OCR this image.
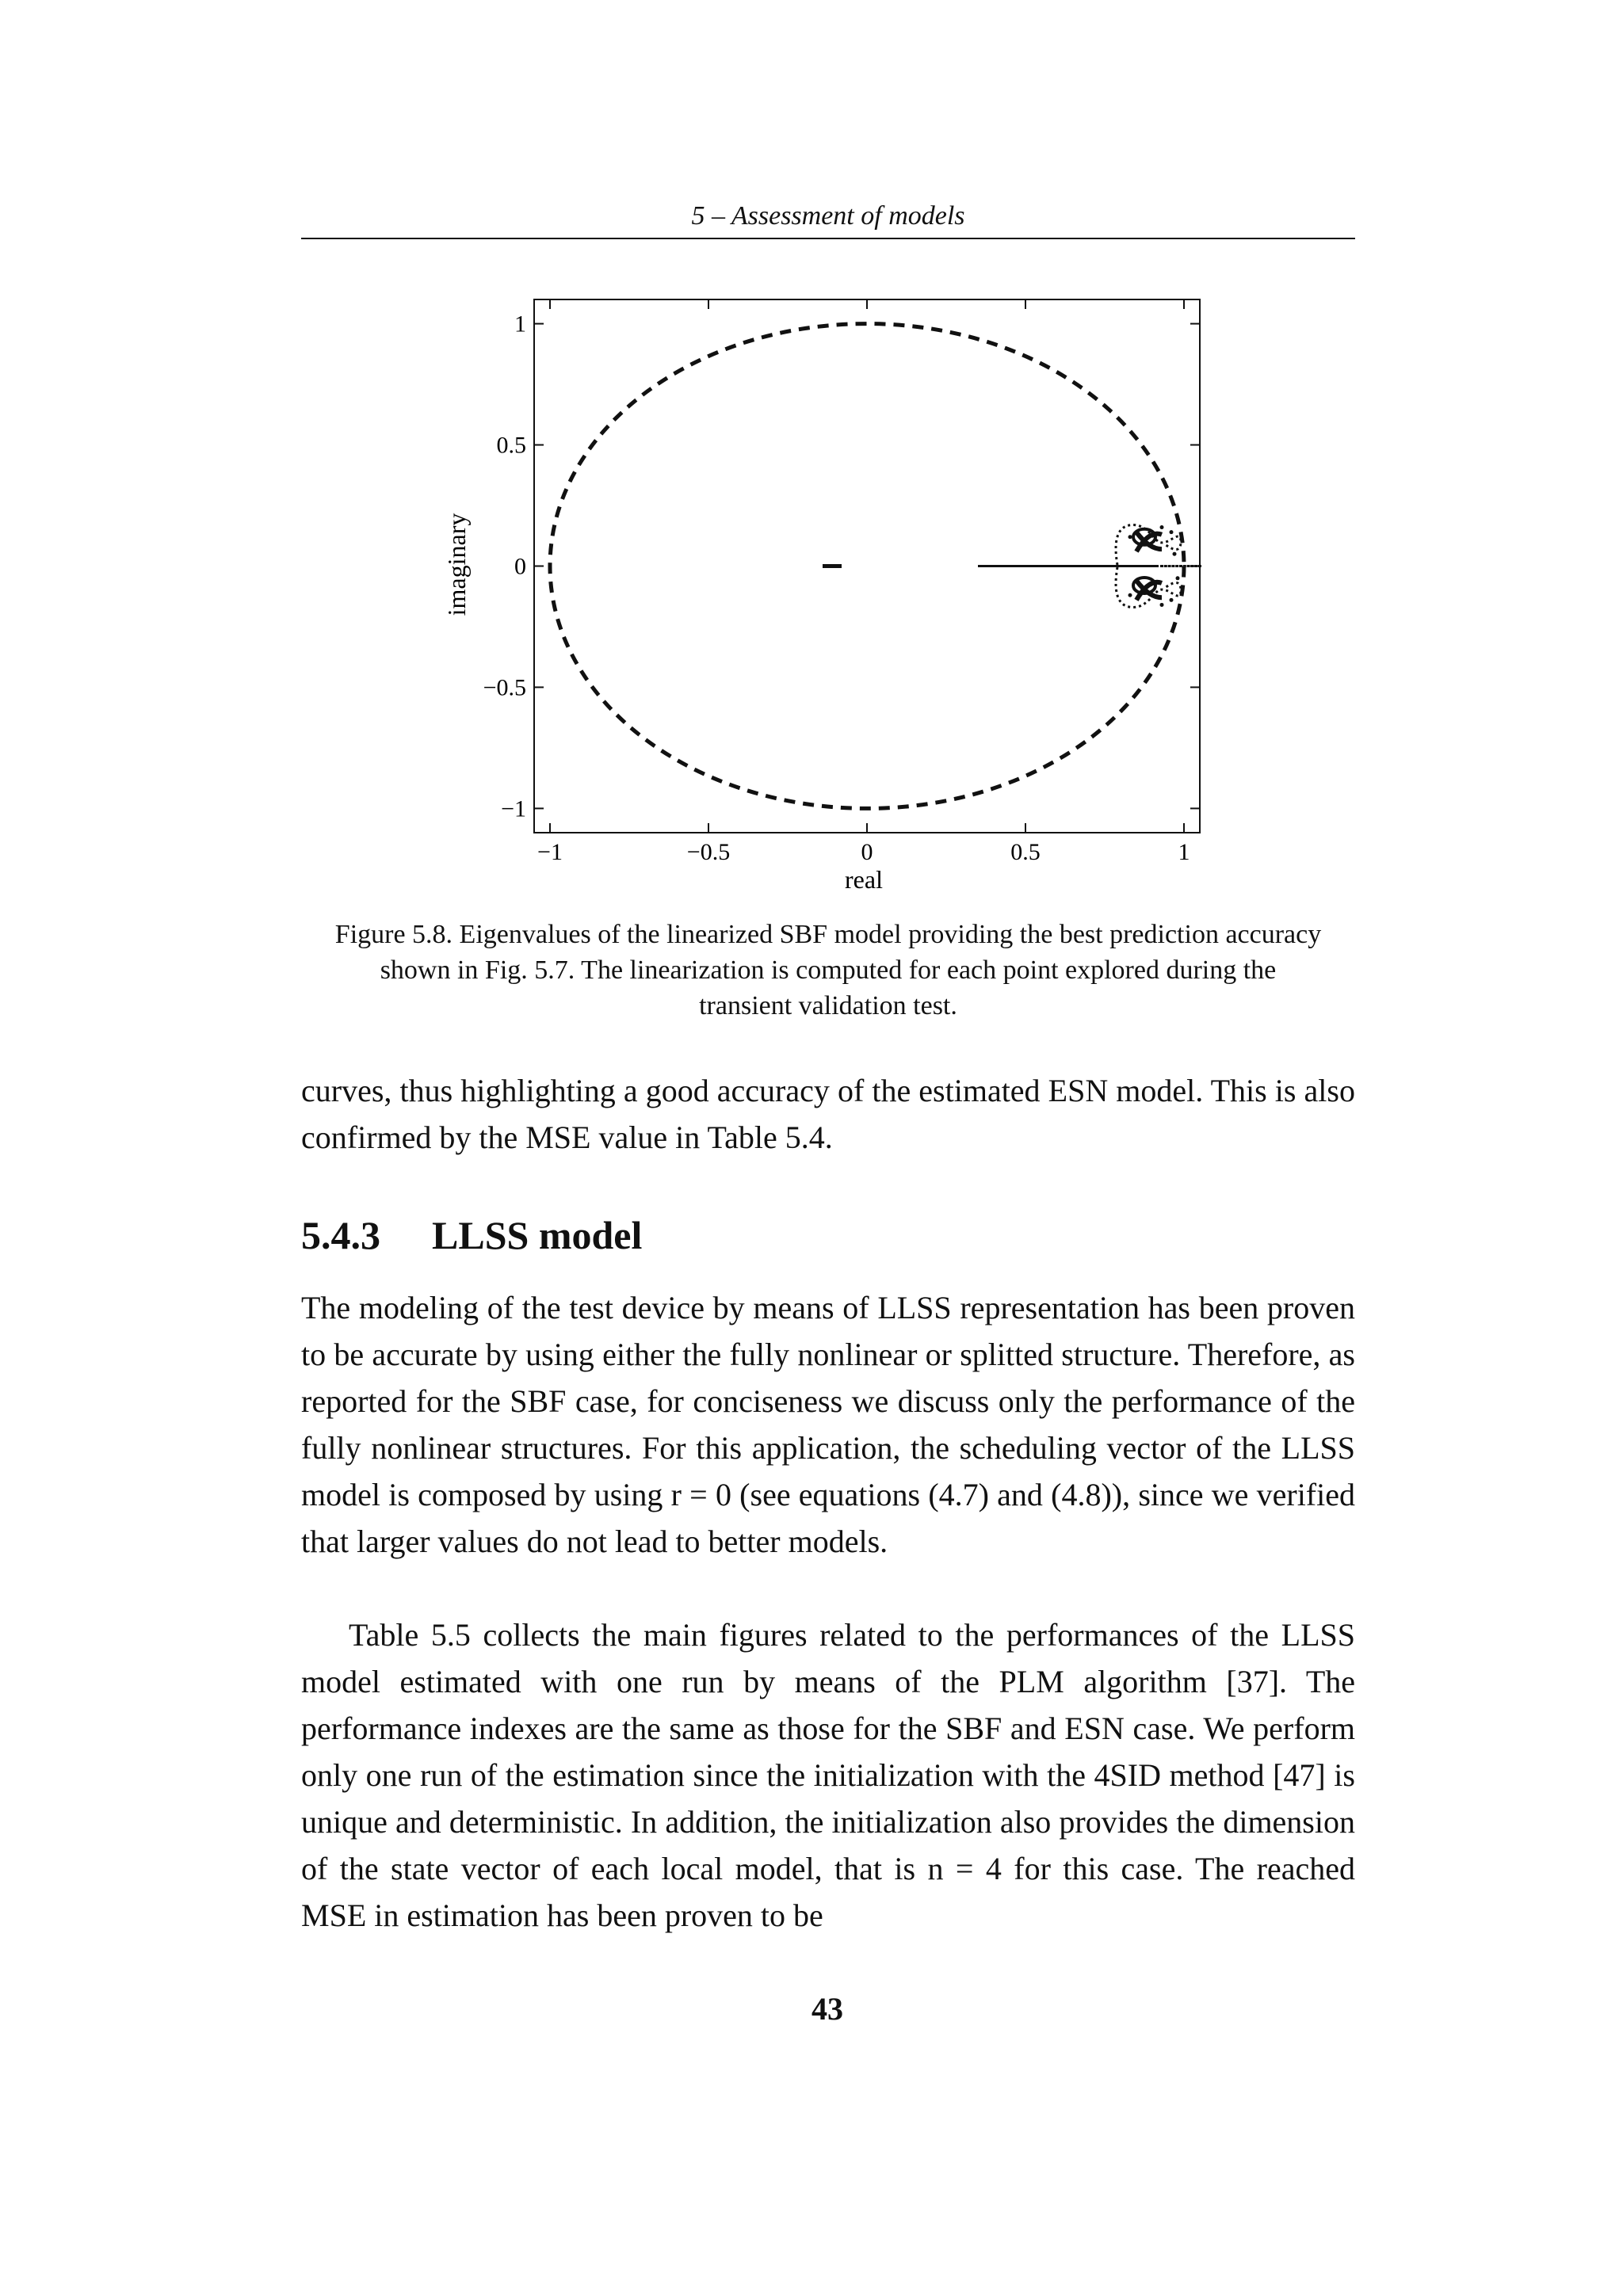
5 – Assessment of models
−1	−0.5	0	0.5	1
1
0.5
0
−0.5
−1
real
imaginary
Figure 5.8. Eigenvalues of the linearized SBF model providing the best prediction accuracy shown in Fig. 5.7. The linearization is computed for each point explored during the transient validation test.

curves, thus highlighting a good accuracy of the estimated ESN model. This is also confirmed by the MSE value in Table 5.4.

5.4.3 LLSS model

The modeling of the test device by means of LLSS representation has been proven to be accurate by using either the fully nonlinear or splitted structure. Therefore, as reported for the SBF case, for conciseness we discuss only the performance of the fully nonlinear structures. For this application, the scheduling vector of the LLSS model is composed by using r = 0 (see equations (4.7) and (4.8)), since we verified that larger values do not lead to better models.

Table 5.5 collects the main figures related to the performances of the LLSS model estimated with one run by means of the PLM algorithm [37]. The performance indexes are the same as those for the SBF and ESN case. We perform only one run of the estimation since the initialization with the 4SID method [47] is unique and deterministic. In addition, the initialization also provides the dimension of the state vector of each local model, that is n = 4 for this case. The reached MSE in estimation has been proven to be

43
